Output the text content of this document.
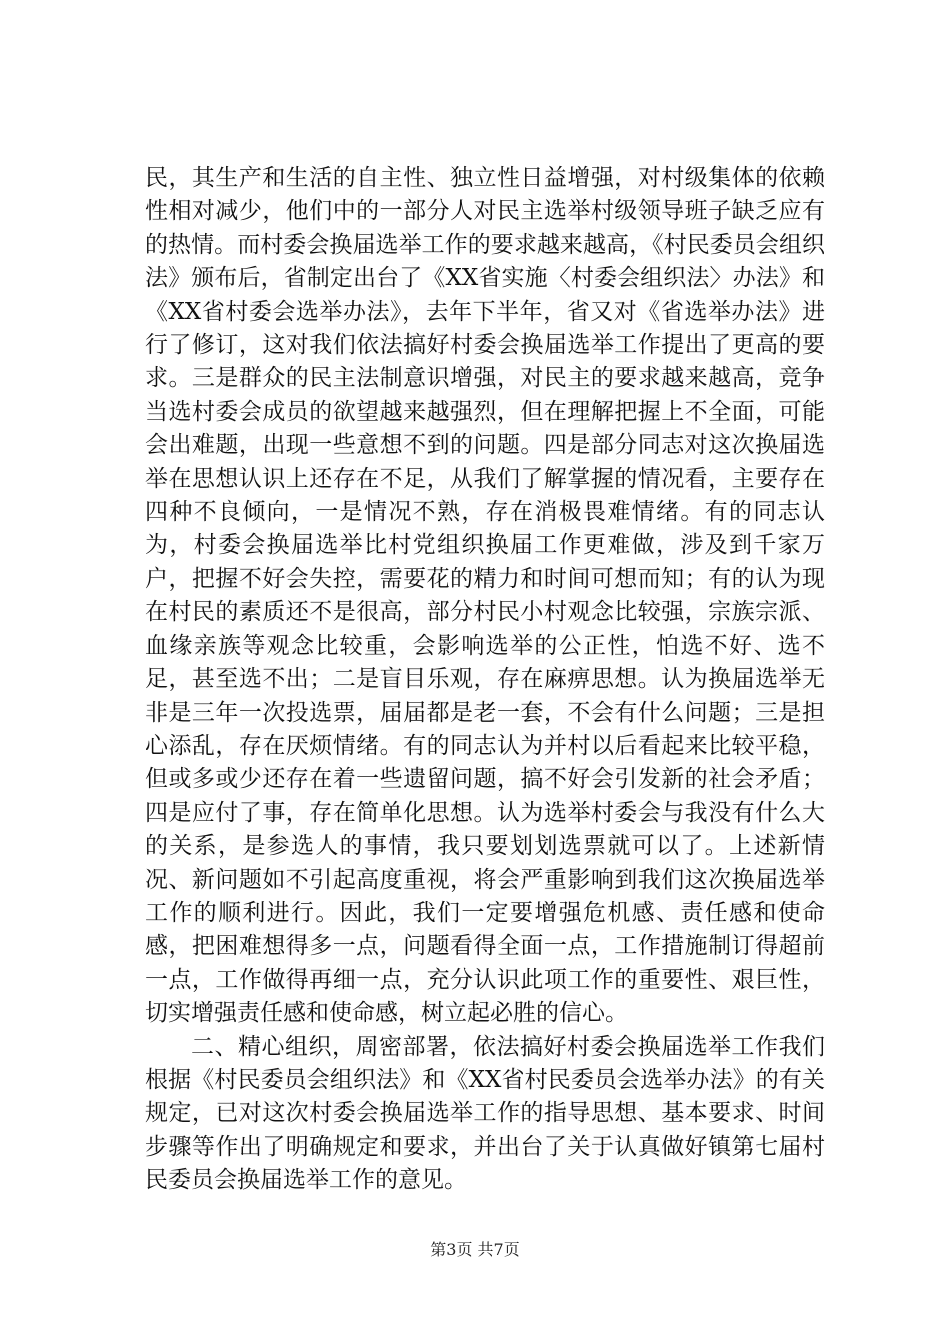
民，其生产和生活的自主性、独立性日益增强，对村级集体的依赖性相对减少，他们中的一部分人对民主选举村级领导班子缺乏应有的热情。而村委会换届选举工作的要求越来越高，《村民委员会组织法》颁布后，省制定出台了《XX省实施〈村委会组织法〉办法》和《XX省村委会选举办法》，去年下半年，省又对《省选举办法》进行了修订，这对我们依法搞好村委会换届选举工作提出了更高的要求。三是群众的民主法制意识增强，对民主的要求越来越高，竞争当选村委会成员的欲望越来越强烈，但在理解把握上不全面，可能会出难题，出现一些意想不到的问题。四是部分同志对这次换届选举在思想认识上还存在不足，从我们了解掌握的情况看，主要存在四种不良倾向，一是情况不熟，存在消极畏难情绪。有的同志认为，村委会换届选举比村党组织换届工作更难做，涉及到千家万户，把握不好会失控，需要花的精力和时间可想而知；有的认为现在村民的素质还不是很高，部分村民小村观念比较强，宗族宗派、血缘亲族等观念比较重，会影响选举的公正性，怕选不好、选不足，甚至选不出；二是盲目乐观，存在麻痹思想。认为换届选举无非是三年一次投选票，届届都是老一套，不会有什么问题；三是担心添乱，存在厌烦情绪。有的同志认为并村以后看起来比较平稳，但或多或少还存在着一些遗留问题，搞不好会引发新的社会矛盾；四是应付了事，存在简单化思想。认为选举村委会与我没有什么大的关系，是参选人的事情，我只要划划选票就可以了。上述新情况、新问题如不引起高度重视，将会严重影响到我们这次换届选举工作的顺利进行。因此，我们一定要增强危机感、责任感和使命感，把困难想得多一点，问题看得全面一点，工作措施制订得超前一点，工作做得再细一点，充分认识此项工作的重要性、艰巨性，切实增强责任感和使命感，树立起必胜的信心。

二、精心组织，周密部署，依法搞好村委会换届选举工作我们根据《村民委员会组织法》和《XX省村民委员会选举办法》的有关规定，已对这次村委会换届选举工作的指导思想、基本要求、时间步骤等作出了明确规定和要求，并出台了关于认真做好镇第七届村民委员会换届选举工作的意见。

第3页 共7页
